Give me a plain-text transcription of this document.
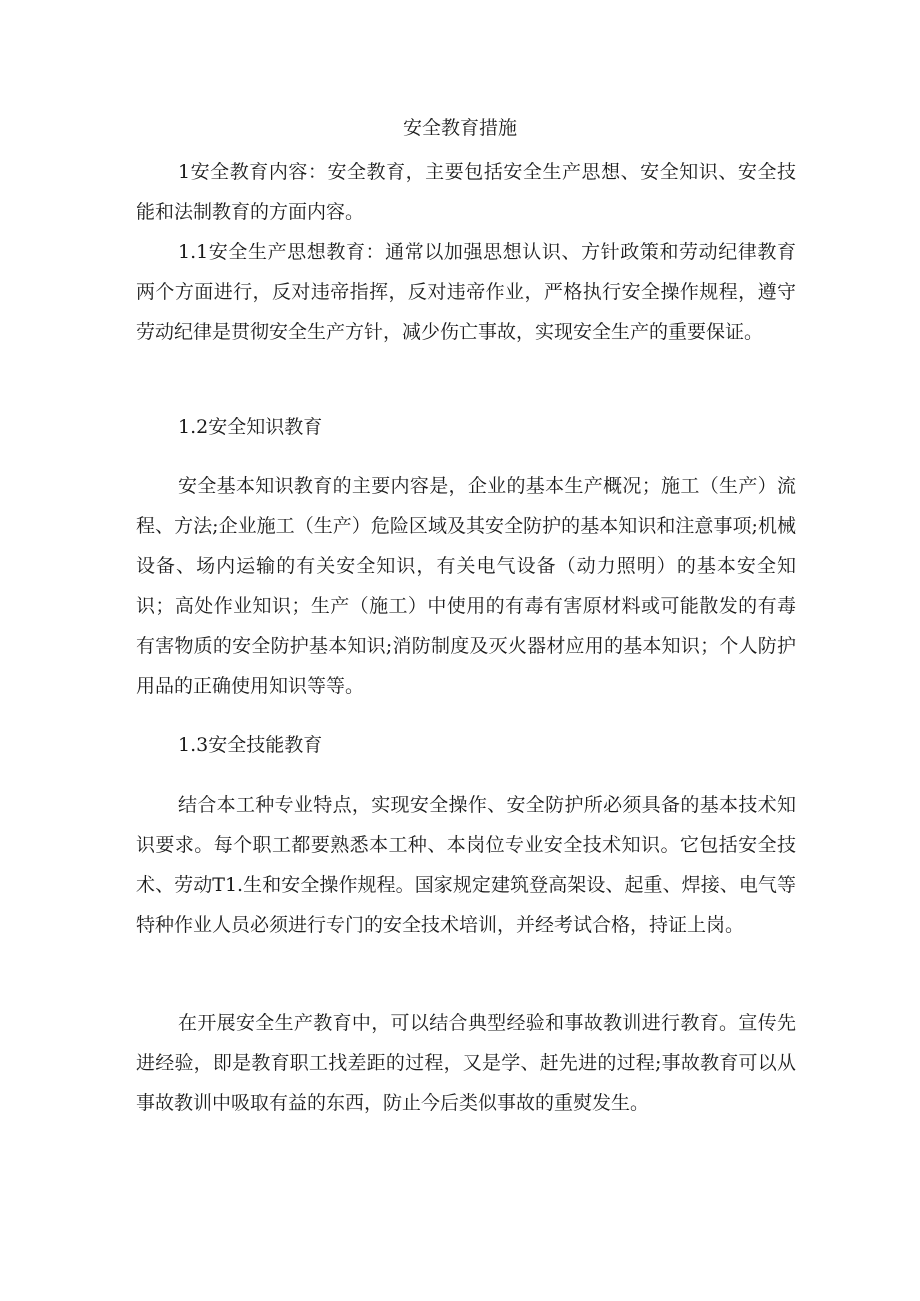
安全教育措施

1安全教育内容：安全教育，主要包括安全生产思想、安全知识、安全技能和法制教育的方面内容。

1.1安全生产思想教育：通常以加强思想认识、方针政策和劳动纪律教育两个方面进行，反对违帝指挥，反对违帝作业，严格执行安全操作规程，遵守劳动纪律是贯彻安全生产方针，减少伤亡事故，实现安全生产的重要保证。

1.2安全知识教育

安全基本知识教育的主要内容是，企业的基本生产概况；施工（生产）流程、方法;企业施工（生产）危险区域及其安全防护的基本知识和注意事项;机械设备、场内运输的有关安全知识，有关电气设备（动力照明）的基本安全知识；高处作业知识；生产（施工）中使用的有毒有害原材料或可能散发的有毒有害物质的安全防护基本知识;消防制度及灭火器材应用的基本知识；个人防护用品的正确使用知识等等。

1.3安全技能教育

结合本工种专业特点，实现安全操作、安全防护所必须具备的基本技术知识要求。每个职工都要熟悉本工种、本岗位专业安全技术知识。它包括安全技术、劳动T1.生和安全操作规程。国家规定建筑登高架设、起重、焊接、电气等特种作业人员必须进行专门的安全技术培训，并经考试合格，持证上岗。

在开展安全生产教育中，可以结合典型经验和事故教训进行教育。宣传先进经验，即是教育职工找差距的过程，又是学、赶先进的过程;事故教育可以从事故教训中吸取有益的东西，防止今后类似事故的重熨发生。
